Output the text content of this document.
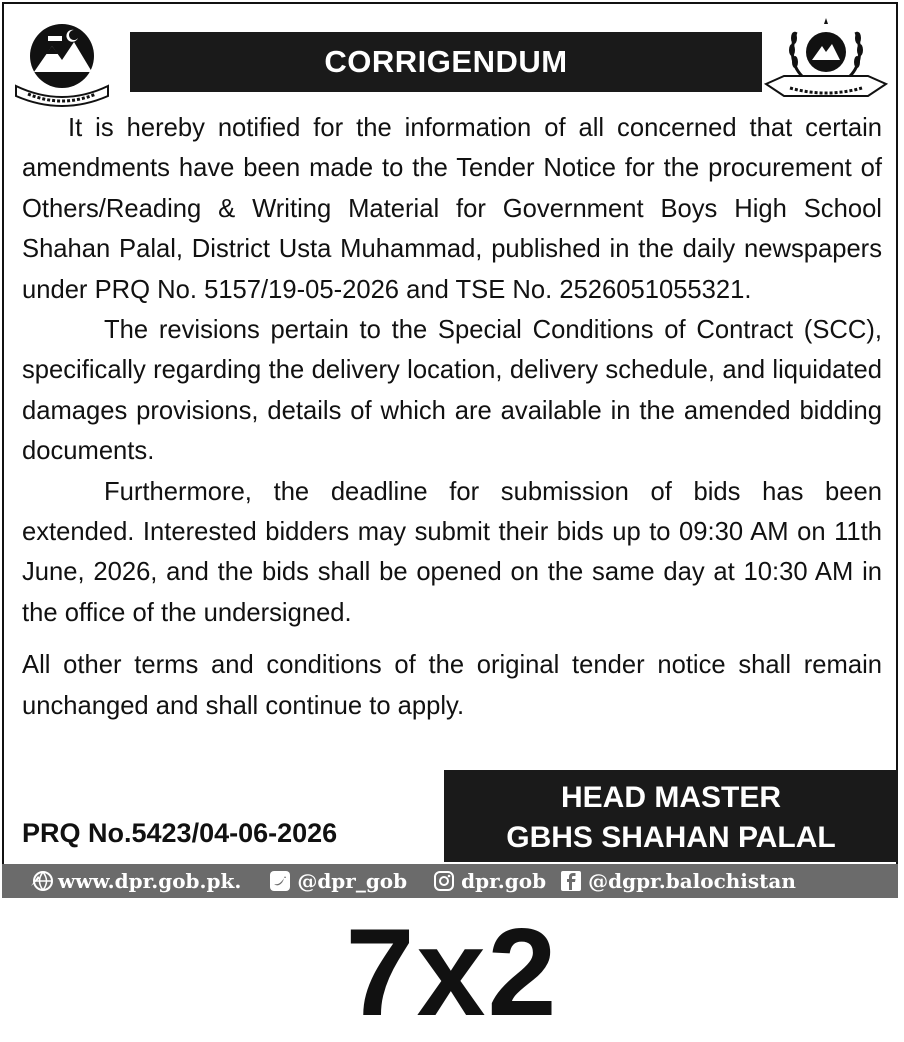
CORRIGENDUM

It is hereby notified for the information of all concerned that certain amendments have been made to the Tender Notice for the procurement of Others/Reading & Writing Material for Government Boys High School Shahan Palal, District Usta Muhammad, published in the daily newspapers under PRQ No. 5157/19-05-2026 and TSE No. 2526051055321.

The revisions pertain to the Special Conditions of Contract (SCC), specifically regarding the delivery location, delivery schedule, and liquidated damages provisions, details of which are available in the amended bidding documents.

Furthermore, the deadline for submission of bids has been extended. Interested bidders may submit their bids up to 09:30 AM on 11th June, 2026, and the bids shall be opened on the same day at 10:30 AM in the office of the undersigned.

All other terms and conditions of the original tender notice shall remain unchanged and shall continue to apply.

HEAD MASTER
GBHS SHAHAN PALAL
PRQ No.5423/04-06-2026
www.dpr.gob.pk.	@dpr_gob	dpr.gob @dgpr.balochistan
7x2
